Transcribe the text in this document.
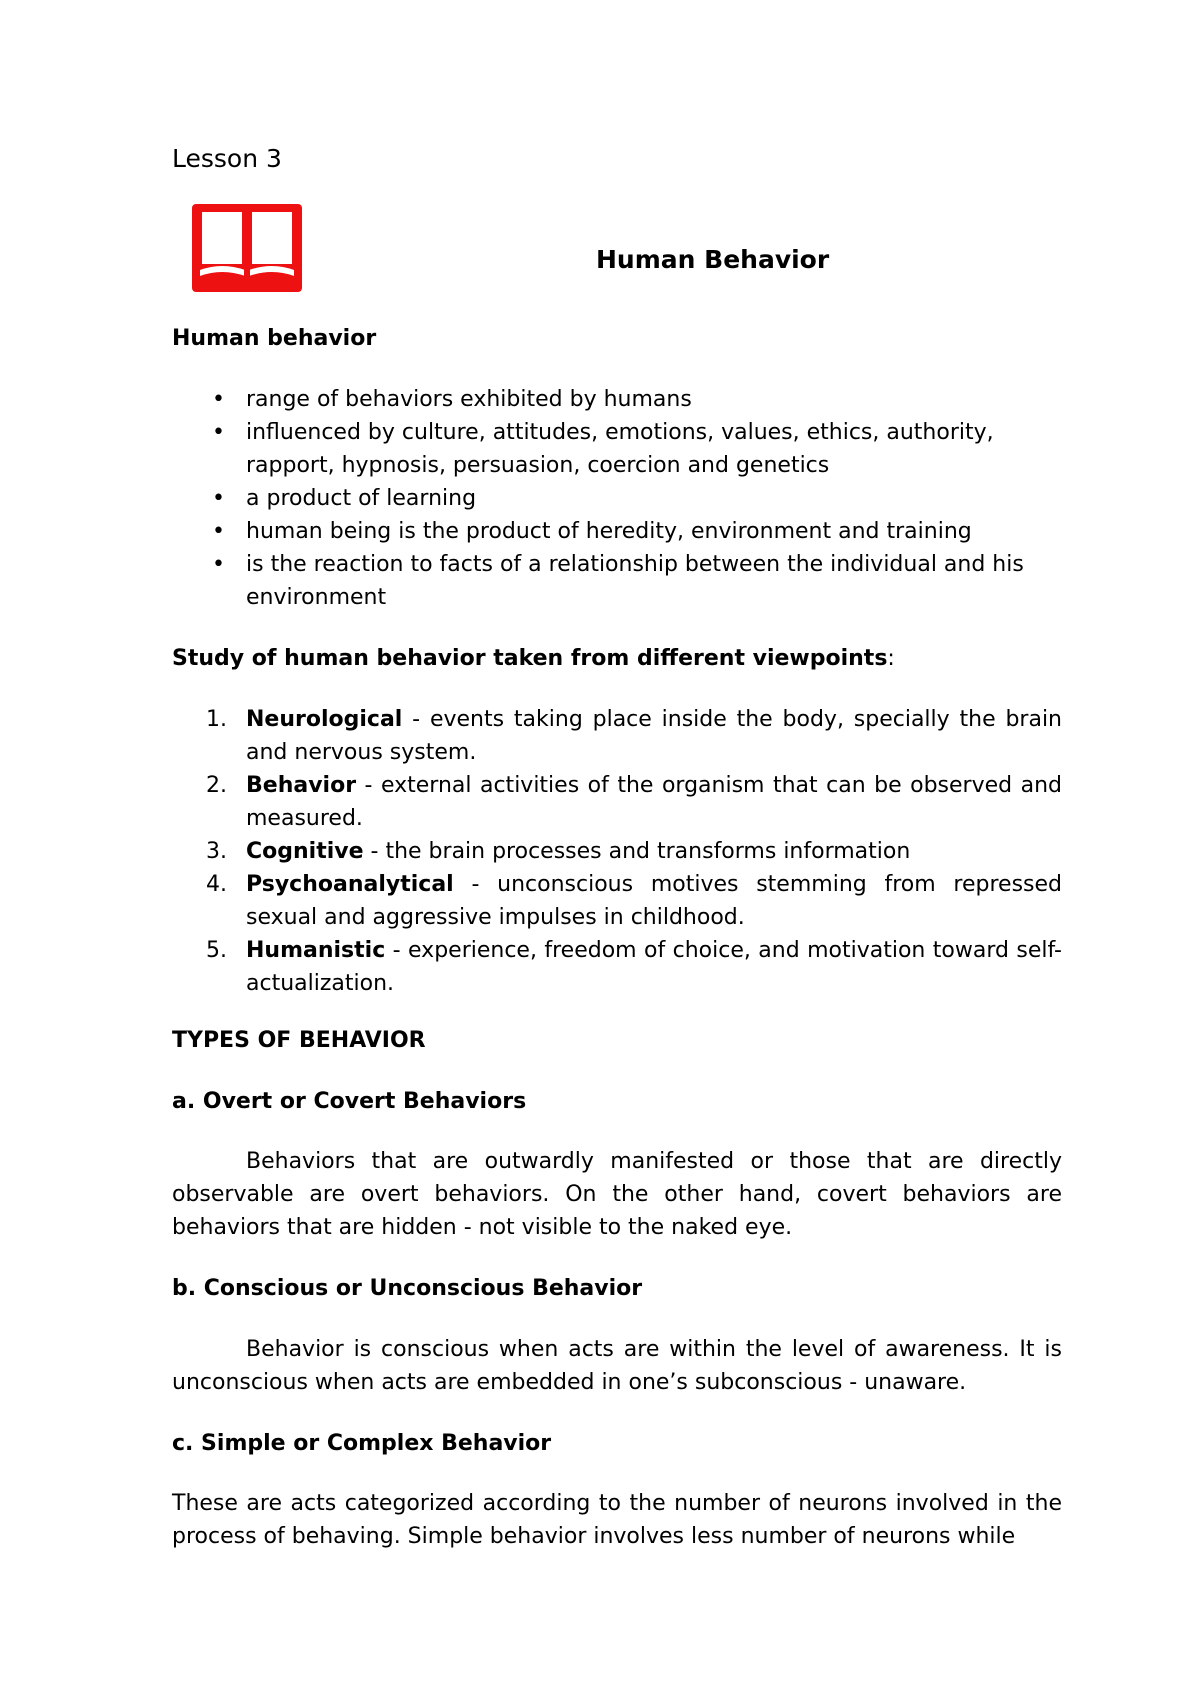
Lesson 3
Human Behavior
Human behavior
• range of behaviors exhibited by humans
• influenced by culture, attitudes, emotions, values, ethics, authority, rapport, hypnosis, persuasion, coercion and genetics
• a product of learning
• human being is the product of heredity, environment and training
• is the reaction to facts of a relationship between the individual and his environment
Study of human behavior taken from different viewpoints:
1. Neurological - events taking place inside the body, specially the brain and nervous system.
2. Behavior - external activities of the organism that can be observed and measured.
3. Cognitive - the brain processes and transforms information
4. Psychoanalytical - unconscious motives stemming from repressed sexual and aggressive impulses in childhood.
5. Humanistic - experience, freedom of choice, and motivation toward self-actualization.
TYPES OF BEHAVIOR
a. Overt or Covert Behaviors
Behaviors that are outwardly manifested or those that are directly observable are overt behaviors. On the other hand, covert behaviors are behaviors that are hidden - not visible to the naked eye.
b. Conscious or Unconscious Behavior
Behavior is conscious when acts are within the level of awareness. It is unconscious when acts are embedded in one’s subconscious - unaware.
c. Simple or Complex Behavior
These are acts categorized according to the number of neurons involved in the process of behaving. Simple behavior involves less number of neurons while
